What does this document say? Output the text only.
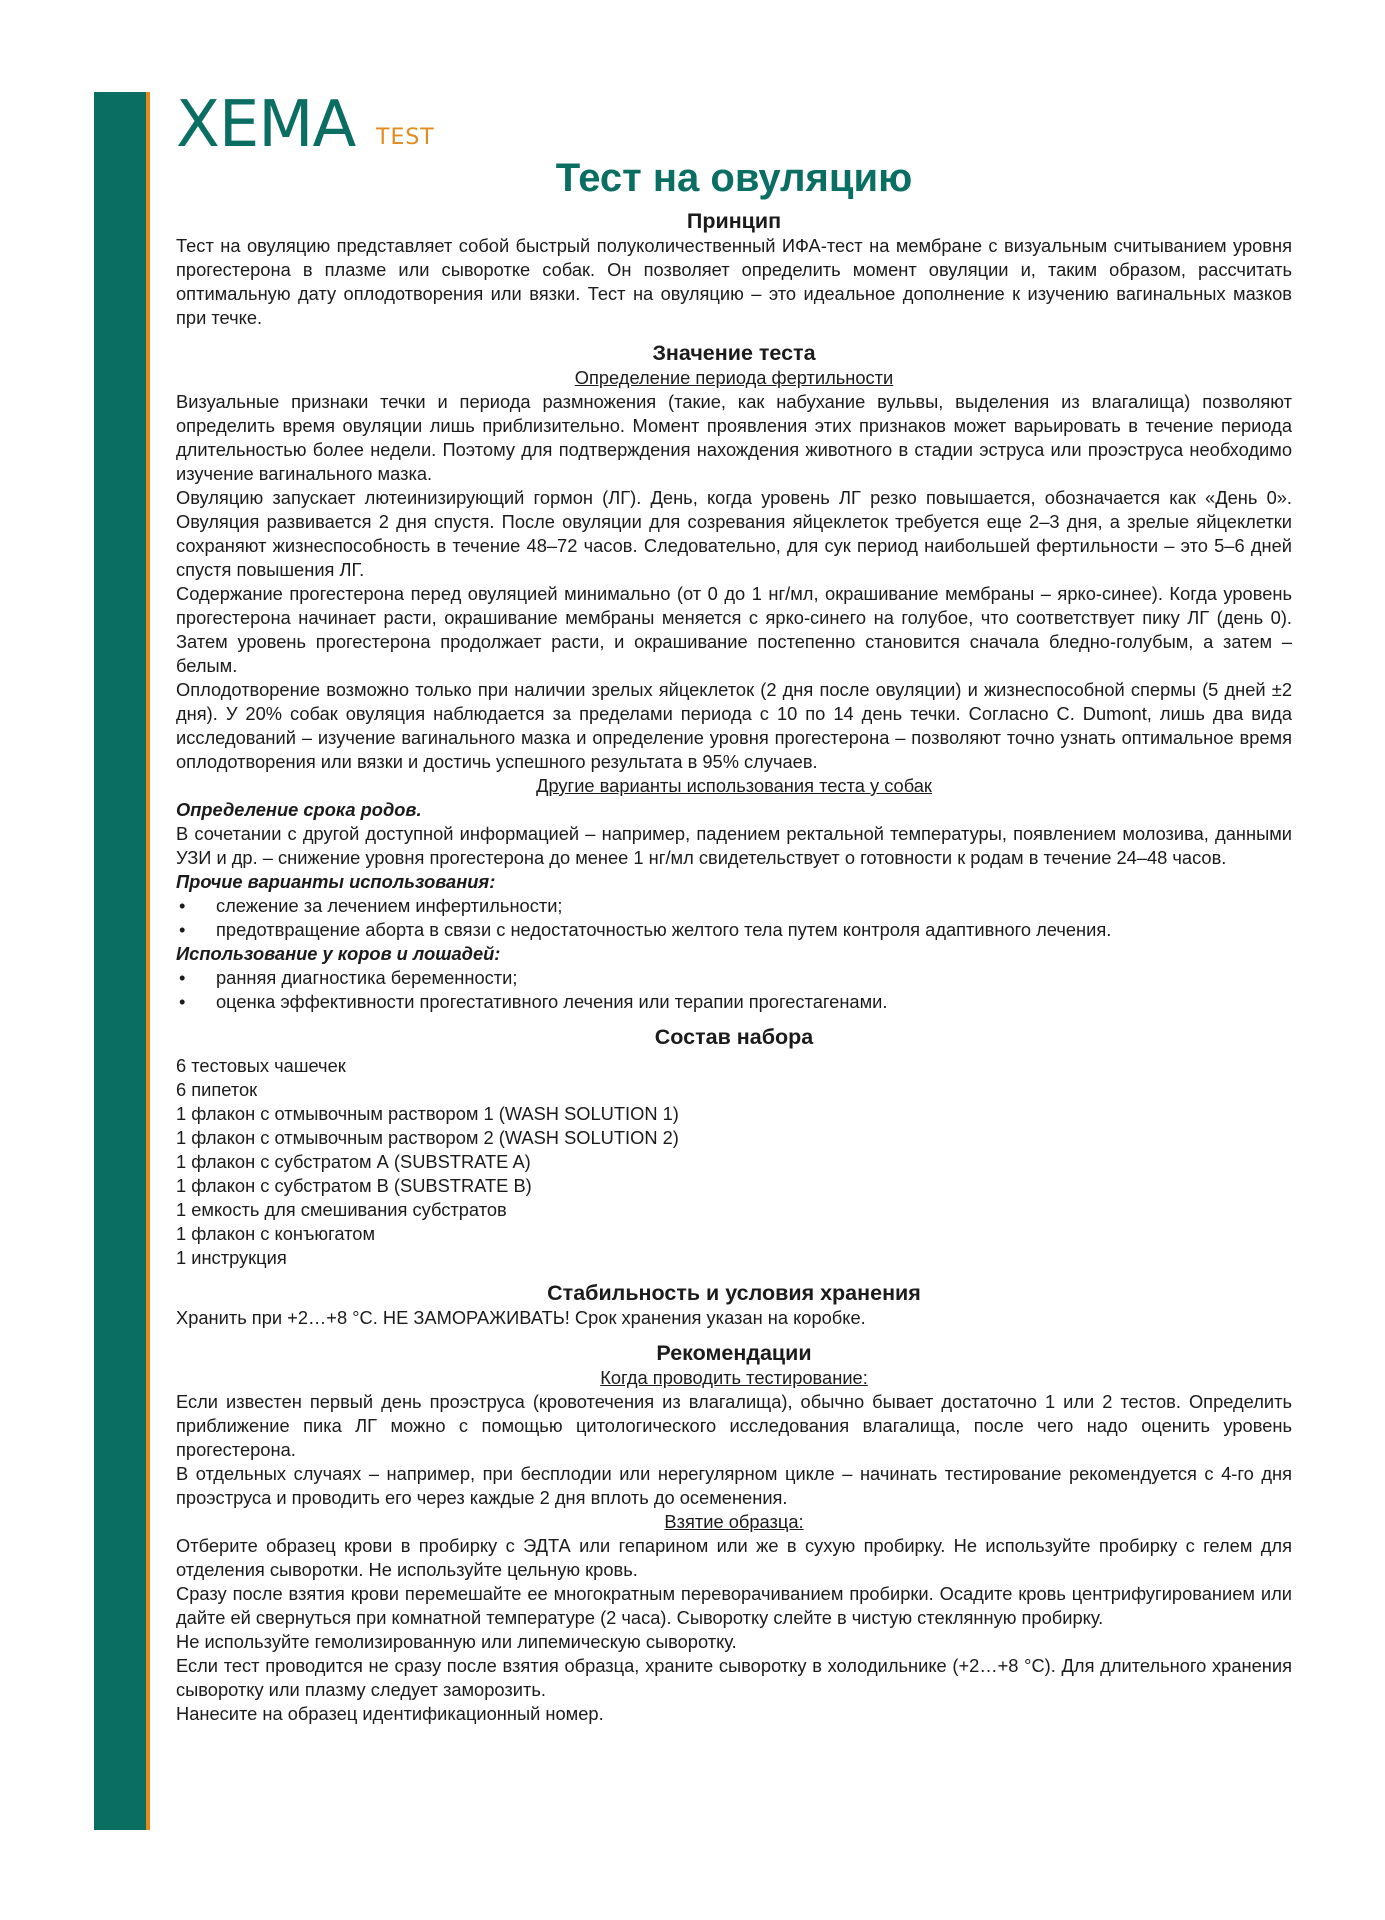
XEMA TEST
Тест на овуляцию
Принцип

Тест на овуляцию представляет собой быстрый полуколичественный ИФА-тест на мембране с визуальным считыванием уровня прогестерона в плазме или сыворотке собак. Он позволяет определить момент овуляции и, таким образом, рассчитать оптимальную дату оплодотворения или вязки. Тест на овуляцию – это идеальное дополнение к изучению вагинальных мазков при течке.

Значение теста

Определение периода фертильности

Визуальные признаки течки и периода размножения (такие, как набухание вульвы, выделения из влагалища) позволяют определить время овуляции лишь приблизительно. Момент проявления этих признаков может варьировать в течение периода длительностью более недели. Поэтому для подтверждения нахождения животного в стадии эструса или проэструса необходимо изучение вагинального мазка.

Овуляцию запускает лютеинизирующий гормон (ЛГ). День, когда уровень ЛГ резко повышается, обозначается как «День 0». Овуляция развивается 2 дня спустя. После овуляции для созревания яйцеклеток требуется еще 2–3 дня, а зрелые яйцеклетки сохраняют жизнеспособность в течение 48–72 часов. Следовательно, для сук период наибольшей фертильности – это 5–6 дней спустя повышения ЛГ.

Содержание прогестерона перед овуляцией минимально (от 0 до 1 нг/мл, окрашивание мембраны – ярко-синее). Когда уровень прогестерона начинает расти, окрашивание мембраны меняется с ярко-синего на голубое, что соответствует пику ЛГ (день 0). Затем уровень прогестерона продолжает расти, и окрашивание постепенно становится сначала бледно-голубым, а затем – белым.

Оплодотворение возможно только при наличии зрелых яйцеклеток (2 дня после овуляции) и жизнеспособной спермы (5 дней ±2 дня). У 20% собак овуляция наблюдается за пределами периода с 10 по 14 день течки. Согласно С. Dumont, лишь два вида исследований – изучение вагинального мазка и определение уровня прогестерона – позволяют точно узнать оптимальное время оплодотворения или вязки и достичь успешного результата в 95% случаев.

Другие варианты использования теста у собак

Определение срока родов.

В сочетании с другой доступной информацией – например, падением ректальной температуры, появлением молозива, данными УЗИ и др. – снижение уровня прогестерона до менее 1 нг/мл свидетельствует о готовности к родам в течение 24–48 часов.

Прочие варианты использования:

• слежение за лечением инфертильности;
• предотвращение аборта в связи с недостаточностью желтого тела путем контроля адаптивного лечения.

Использование у коров и лошадей:

• ранняя диагностика беременности;
• оценка эффективности прогестативного лечения или терапии прогестагенами.
Состав набора

6 тестовых чашечек

6 пипеток

1 флакон с отмывочным раствором 1 (WASH SOLUTION 1)

1 флакон с отмывочным раствором 2 (WASH SOLUTION 2)

1 флакон с субстратом А (SUBSTRATE A)

1 флакон с субстратом В (SUBSTRATE B)

1 емкость для смешивания субстратов

1 флакон с конъюгатом

1 инструкция

Стабильность и условия хранения

Хранить при +2…+8 °С. НЕ ЗАМОРАЖИВАТЬ! Срок хранения указан на коробке.

Рекомендации

Когда проводить тестирование:

Если известен первый день проэструса (кровотечения из влагалища), обычно бывает достаточно 1 или 2 тестов. Определить приближение пика ЛГ можно с помощью цитологического исследования влагалища, после чего надо оценить уровень прогестерона.

В отдельных случаях – например, при бесплодии или нерегулярном цикле – начинать тестирование рекомендуется с 4-го дня проэструса и проводить его через каждые 2 дня вплоть до осеменения.

Взятие образца:

Отберите образец крови в пробирку с ЭДТА или гепарином или же в сухую пробирку. Не используйте пробирку с гелем для отделения сыворотки. Не используйте цельную кровь.

Сразу после взятия крови перемешайте ее многократным переворачиванием пробирки. Осадите кровь центрифугированием или дайте ей свернуться при комнатной температуре (2 часа). Сыворотку слейте в чистую стеклянную пробирку.

Не используйте гемолизированную или липемическую сыворотку.

Если тест проводится не сразу после взятия образца, храните сыворотку в холодильнике (+2…+8 °С). Для длительного хранения сыворотку или плазму следует заморозить.

Нанесите на образец идентификационный номер.
